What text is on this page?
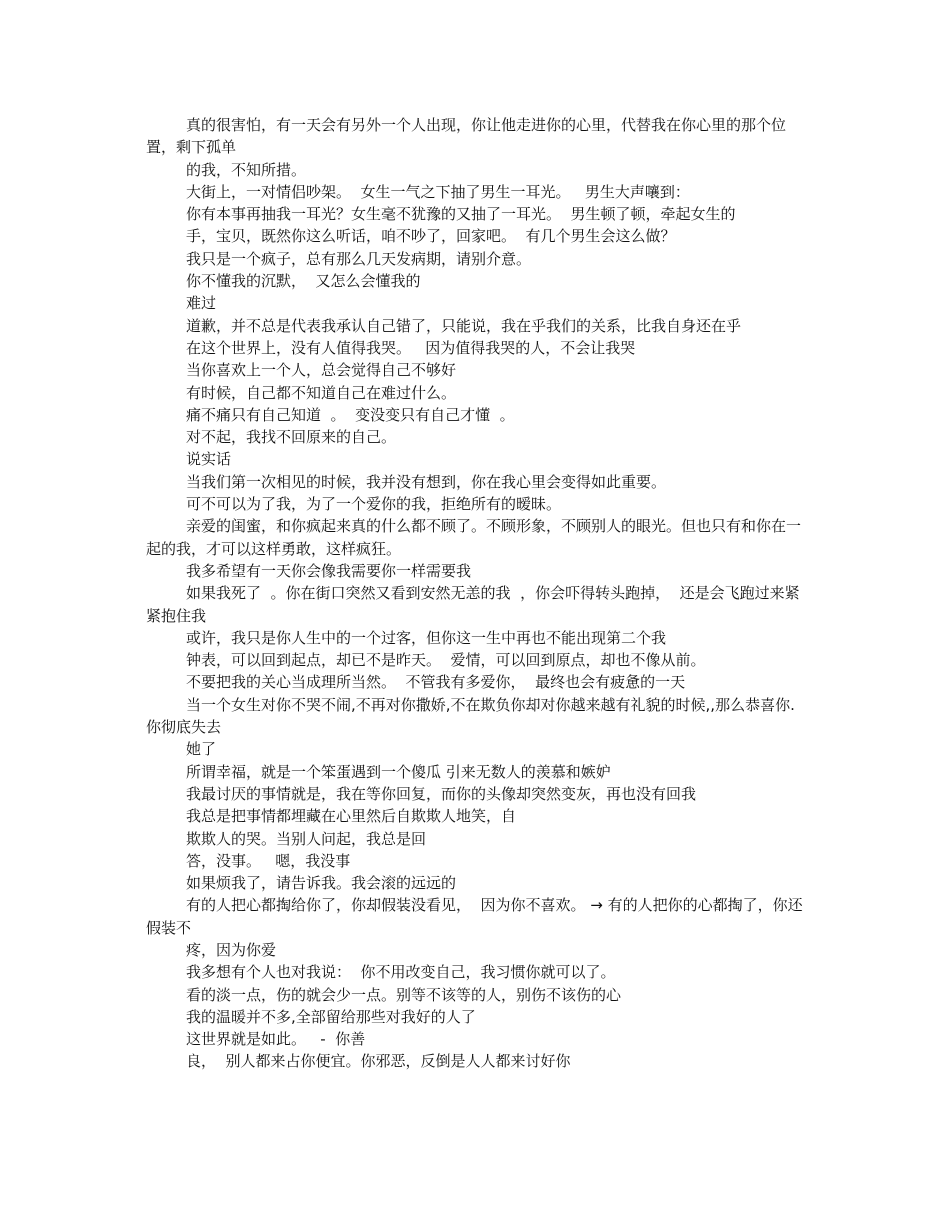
真的很害怕，有一天会有另外一个人出现，你让他走进你的心里，代替我在你心里的那个位置，剩下孤单

的我，不知所措。

大街上，一对情侣吵架。  女生一气之下抽了男生一耳光。   男生大声嚷到：

你有本事再抽我一耳光？女生毫不犹豫的又抽了一耳光。  男生顿了顿，牵起女生的

手，宝贝，既然你这么听话，咱不吵了，回家吧。  有几个男生会这么做？

我只是一个疯子，总有那么几天发病期，请别介意。

你不懂我的沉默，  又怎么会懂我的

难过

道歉，并不总是代表我承认自己错了，只能说，我在乎我们的关系，比我自身还在乎

在这个世界上，没有人值得我哭。   因为值得我哭的人，不会让我哭

当你喜欢上一个人，总会觉得自己不够好

有时候，自己都不知道自己在难过什么。

痛不痛只有自己知道  。  变没变只有自己才懂  。

对不起，我找不回原来的自己。

说实话

当我们第一次相见的时候，我并没有想到，你在我心里会变得如此重要。

可不可以为了我，为了一个爱你的我，拒绝所有的暧昧。

亲爱的闺蜜，和你疯起来真的什么都不顾了。不顾形象，不顾别人的眼光。但也只有和你在一起的我，才可以这样勇敢，这样疯狂。

我多希望有一天你会像我需要你一样需要我

如果我死了  。你在街口突然又看到安然无恙的我  ，你会吓得转头跑掉，  还是会飞跑过来紧紧抱住我

或许，我只是你人生中的一个过客，但你这一生中再也不能出现第二个我

钟表，可以回到起点，却已不是昨天。  爱情，可以回到原点，却也不像从前。

不要把我的关心当成理所当然。  不管我有多爱你，  最终也会有疲惫的一天

当一个女生对你不哭不闹,不再对你撒娇,不在欺负你却对你越来越有礼貌的时候,,那么恭喜你.你彻底失去

她了

所谓幸福，就是一个笨蛋遇到一个傻瓜 引来无数人的羡慕和嫉妒

我最讨厌的事情就是，我在等你回复，而你的头像却突然变灰，再也没有回我

我总是把事情都埋藏在心里然后自欺欺人地笑，自

欺欺人的哭。当别人问起，我总是回

答，没事。   嗯，我没事

如果烦我了，请告诉我。我会滚的远远的

有的人把心都掏给你了，你却假装没看见，  因为你不喜欢。 → 有的人把你的心都掏了，你还假装不

疼，因为你爱

我多想有个人也对我说：  你不用改变自己，我习惯你就可以了。

看的淡一点，伤的就会少一点。别等不该等的人，别伤不该伤的心

我的温暖并不多,全部留给那些对我好的人了

这世界就是如此。   -  你善

良，  别人都来占你便宜。你邪恶，反倒是人人都来讨好你
